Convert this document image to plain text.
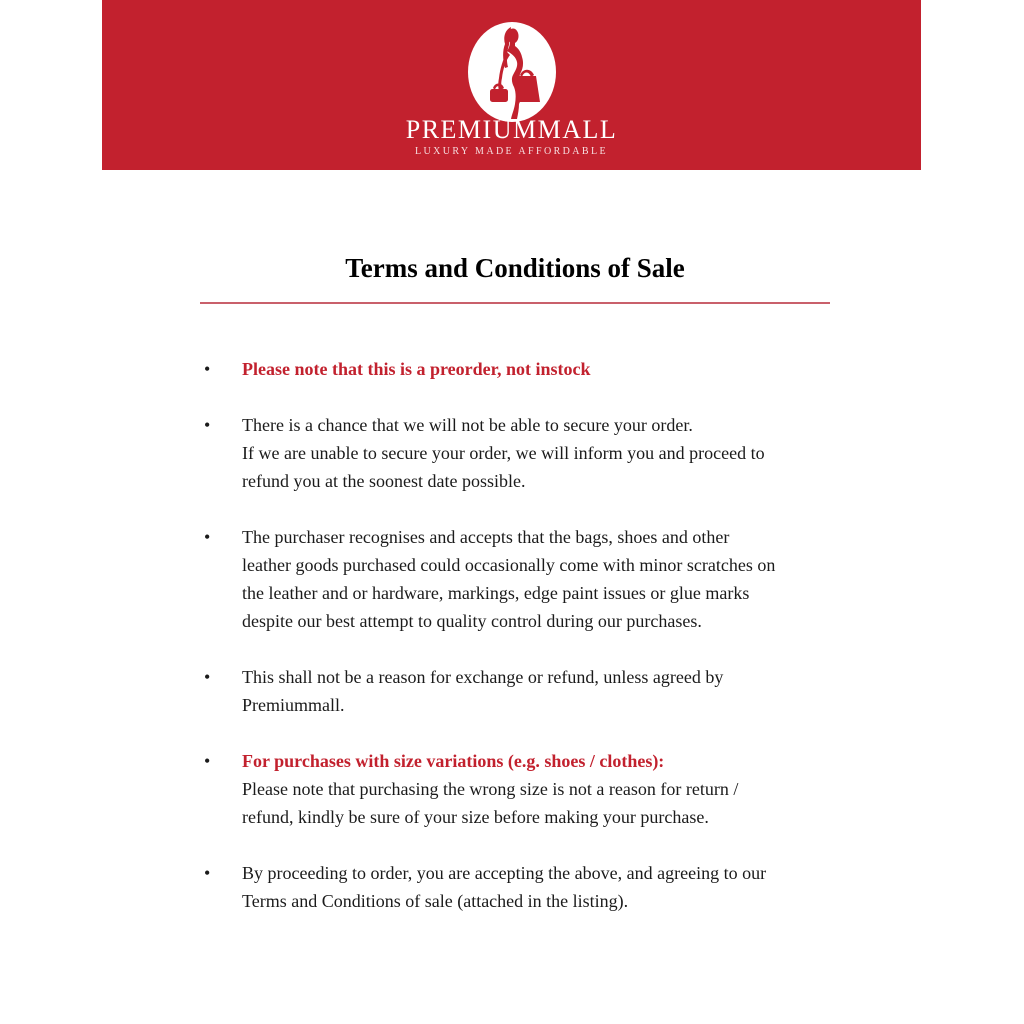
PREMIUMMALL
LUXURY MADE AFFORDABLE
Terms and Conditions of Sale
• Please note that this is a preorder, not instock
• There is a chance that we will not be able to secure your order.
If we are unable to secure your order, we will inform you and proceed to
refund you at the soonest date possible.
• The purchaser recognises and accepts that the bags, shoes and other
leather goods purchased could occasionally come with minor scratches on
the leather and or hardware, markings, edge paint issues or glue marks
despite our best attempt to quality control during our purchases.
• This shall not be a reason for exchange or refund, unless agreed by
Premiummall.
• For purchases with size variations (e.g. shoes / clothes):
Please note that purchasing the wrong size is not a reason for return /
refund, kindly be sure of your size before making your purchase.
• By proceeding to order, you are accepting the above, and agreeing to our
Terms and Conditions of sale (attached in the listing).
